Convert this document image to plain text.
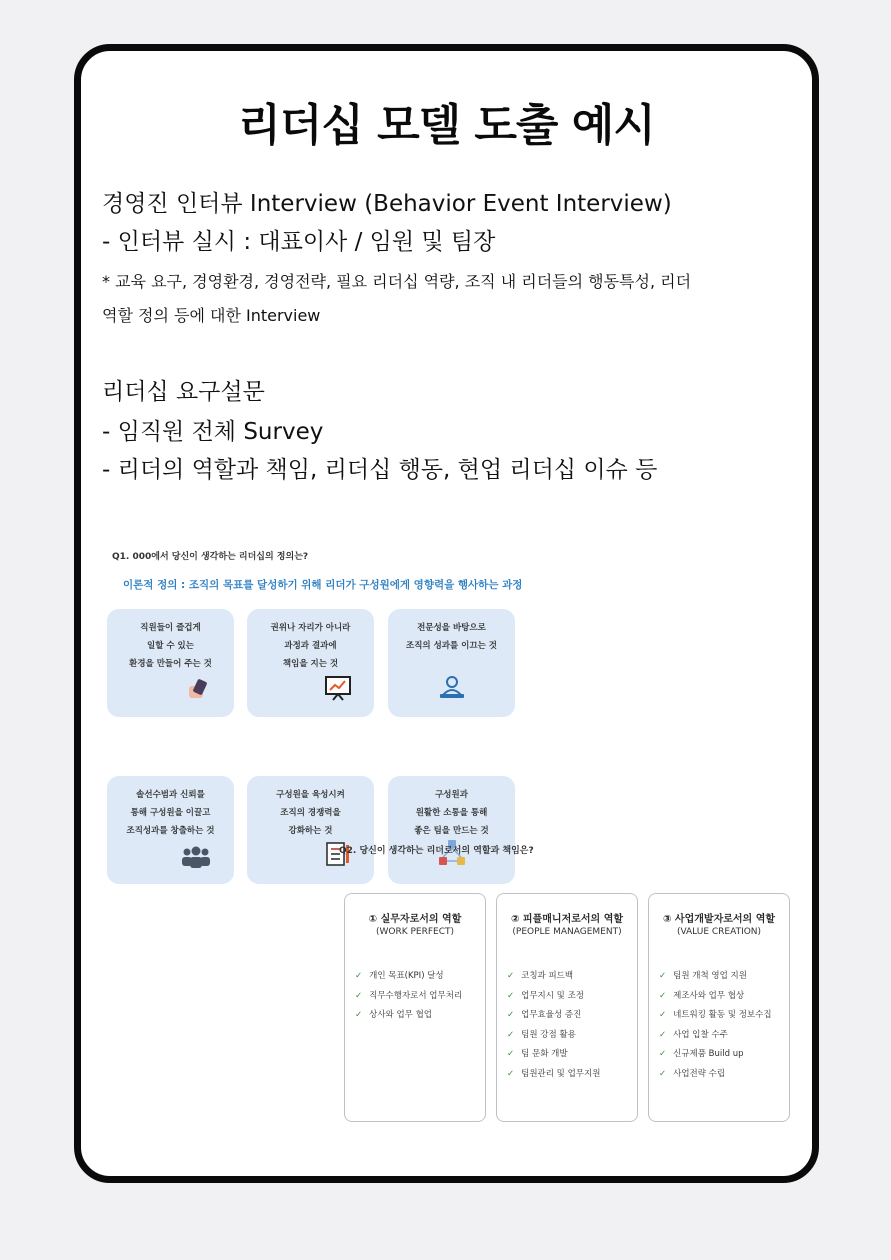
리더십 모델 도출 예시
경영진 인터뷰 Interview (Behavior Event Interview)
- 인터뷰 실시 : 대표이사 / 임원 및 팀장
* 교육 요구, 경영환경, 경영전략, 필요 리더십 역량, 조직 내 리더들의 행동특성, 리더
역할 정의 등에 대한 Interview
리더십 요구설문
- 임직원 전체 Survey
- 리더의 역할과 책임, 리더십 행동, 현업 리더십 이슈 등
Q1. 000에서 당신이 생각하는 리더십의 정의는?
이론적 정의 : 조직의 목표를 달성하기 위해 리더가 구성원에게 영향력을 행사하는 과정
직원들이 즐겁게
일할 수 있는
환경을 만들어 주는 것
권위나 자리가 아니라
과정과 결과에
책임을 지는 것
전문성을 바탕으로
조직의 성과를 이끄는 것
솔선수범과 신뢰를
통해 구성원을 이끌고
조직성과를 창출하는 것
구성원을 육성시켜
조직의 경쟁력을
강화하는 것
구성원과
원활한 소통을 통해
좋은 팀을 만드는 것
Q2. 당신이 생각하는 리더로서의 역할과 책임은?
① 실무자로서의 역할
(WORK PERFECT)
✓ 개인 목표(KPI) 달성
✓ 직무수행자로서 업무처리
✓ 상사와 업무 협업
② 피플매니저로서의 역할
(PEOPLE MANAGEMENT)
✓ 코칭과 피드백
✓ 업무지시 및 조정
✓ 업무효율성 증진
✓ 팀원 강점 활용
✓ 팀 문화 개발
✓ 팀원관리 및 업무지원
③ 사업개발자로서의 역할
(VALUE CREATION)
✓ 팀원 개척 영업 지원
✓ 제조사와 업무 협상
✓ 네트워킹 활동 및 정보수집
✓ 사업 입찰 수주
✓ 신규제품 Build up
✓ 사업전략 수립
